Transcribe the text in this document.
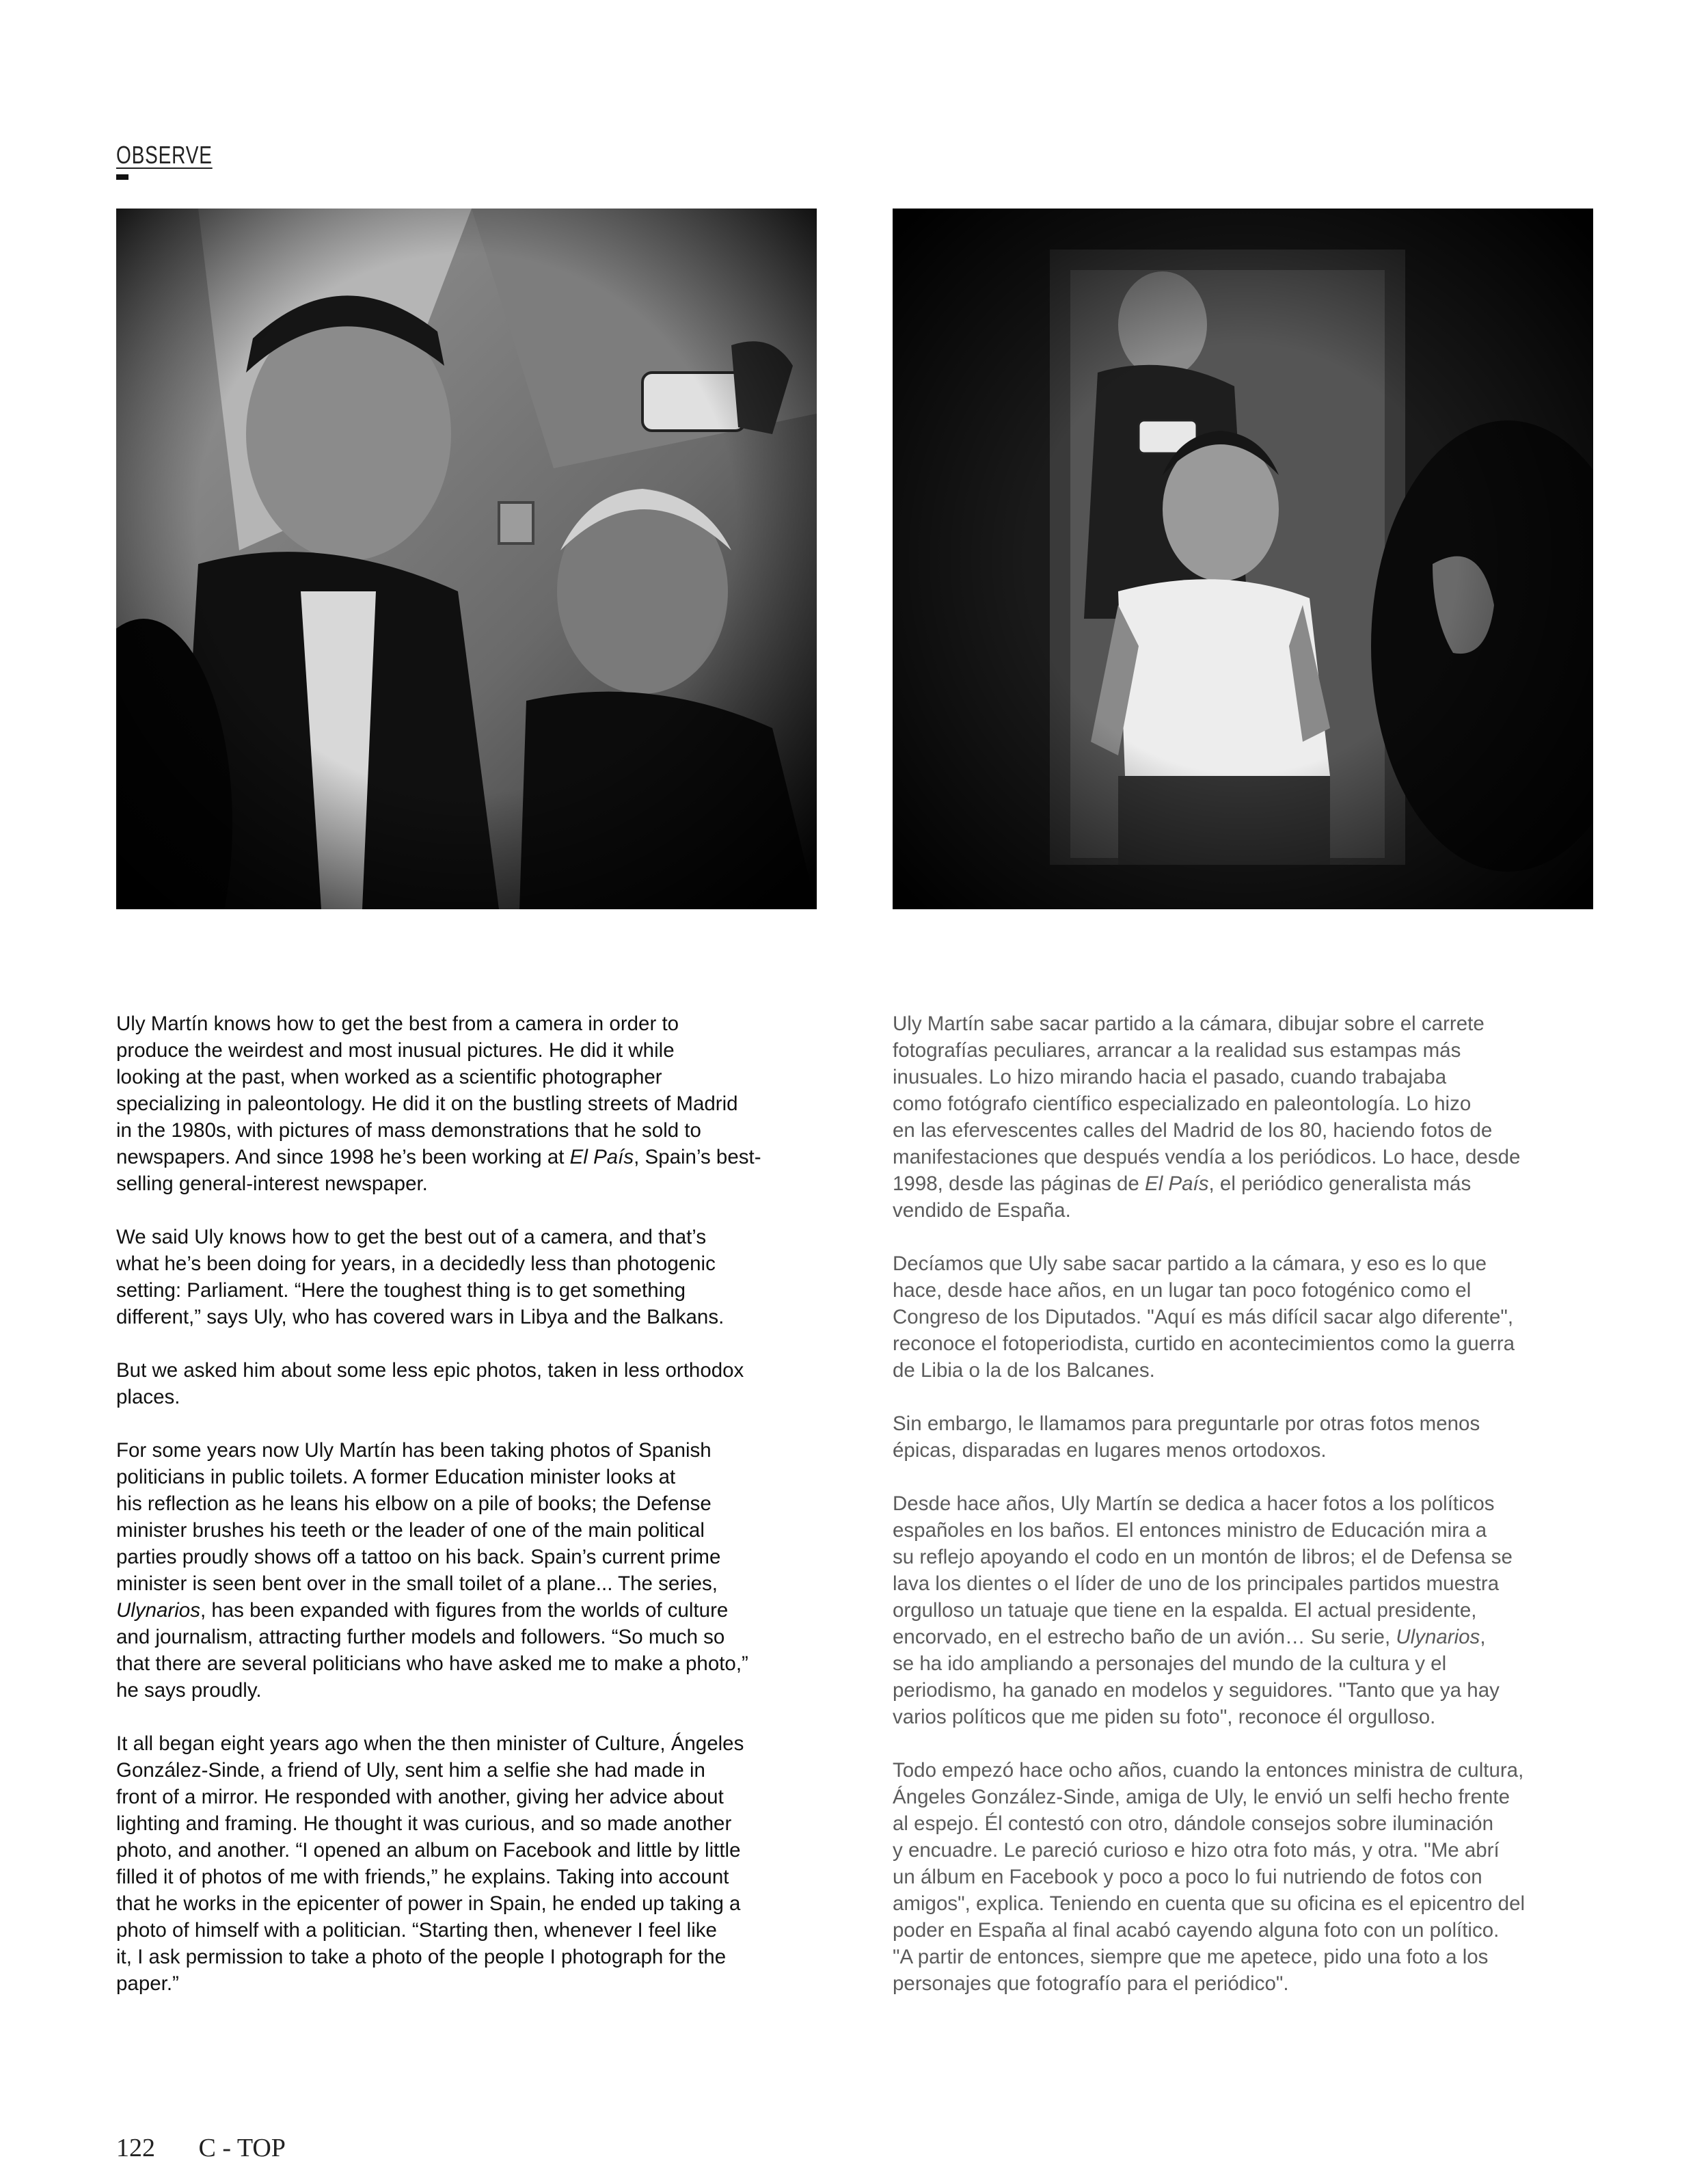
OBSERVE

Uly Martín knows how to get the best from a camera in order to
produce the weirdest and most inusual pictures. He did it while
looking at the past, when worked as a scientific photographer
specializing in paleontology. He did it on the bustling streets of Madrid
in the 1980s, with pictures of mass demonstrations that he sold to
newspapers. And since 1998 he’s been working at El País, Spain’s best-
selling general-interest newspaper.

We said Uly knows how to get the best out of a camera, and that’s
what he’s been doing for years, in a decidedly less than photogenic
setting: Parliament. “Here the toughest thing is to get something
different,” says Uly, who has covered wars in Libya and the Balkans.

But we asked him about some less epic photos, taken in less orthodox
places.

For some years now Uly Martín has been taking photos of Spanish
politicians in public toilets. A former Education minister looks at
his reflection as he leans his elbow on a pile of books; the Defense
minister brushes his teeth or the leader of one of the main political
parties proudly shows off a tattoo on his back. Spain’s current prime
minister is seen bent over in the small toilet of a plane... The series,
Ulynarios, has been expanded with figures from the worlds of culture
and journalism, attracting further models and followers. “So much so
that there are several politicians who have asked me to make a photo,”
he says proudly.

It all began eight years ago when the then minister of Culture, Ángeles
González-Sinde, a friend of Uly, sent him a selfie she had made in
front of a mirror. He responded with another, giving her advice about
lighting and framing. He thought it was curious, and so made another
photo, and another. “I opened an album on Facebook and little by little
filled it of photos of me with friends,” he explains. Taking into account
that he works in the epicenter of power in Spain, he ended up taking a
photo of himself with a politician. “Starting then, whenever I feel like
it, I ask permission to take a photo of the people I photograph for the
paper.”

Uly Martín sabe sacar partido a la cámara, dibujar sobre el carrete
fotografías peculiares, arrancar a la realidad sus estampas más
inusuales. Lo hizo mirando hacia el pasado, cuando trabajaba
como fotógrafo científico especializado en paleontología. Lo hizo
en las efervescentes calles del Madrid de los 80, haciendo fotos de
manifestaciones que después vendía a los periódicos. Lo hace, desde
1998, desde las páginas de El País, el periódico generalista más
vendido de España.

Decíamos que Uly sabe sacar partido a la cámara, y eso es lo que
hace, desde hace años, en un lugar tan poco fotogénico como el
Congreso de los Diputados. "Aquí es más difícil sacar algo diferente",
reconoce el fotoperiodista, curtido en acontecimientos como la guerra
de Libia o la de los Balcanes.

Sin embargo, le llamamos para preguntarle por otras fotos menos
épicas, disparadas en lugares menos ortodoxos.

Desde hace años, Uly Martín se dedica a hacer fotos a los políticos
españoles en los baños. El entonces ministro de Educación mira a
su reflejo apoyando el codo en un montón de libros; el de Defensa se
lava los dientes o el líder de uno de los principales partidos muestra
orgulloso un tatuaje que tiene en la espalda. El actual presidente,
encorvado, en el estrecho baño de un avión… Su serie, Ulynarios,
se ha ido ampliando a personajes del mundo de la cultura y el
periodismo, ha ganado en modelos y seguidores. "Tanto que ya hay
varios políticos que me piden su foto", reconoce él orgulloso.

Todo empezó hace ocho años, cuando la entonces ministra de cultura,
Ángeles González-Sinde, amiga de Uly, le envió un selfi hecho frente
al espejo. Él contestó con otro, dándole consejos sobre iluminación
y encuadre. Le pareció curioso e hizo otra foto más, y otra. "Me abrí
un álbum en Facebook y poco a poco lo fui nutriendo de fotos con
amigos", explica. Teniendo en cuenta que su oficina es el epicentro del
poder en España al final acabó cayendo alguna foto con un político.
"A partir de entonces, siempre que me apetece, pido una foto a los
personajes que fotografío para el periódico".

122 C - TOP
